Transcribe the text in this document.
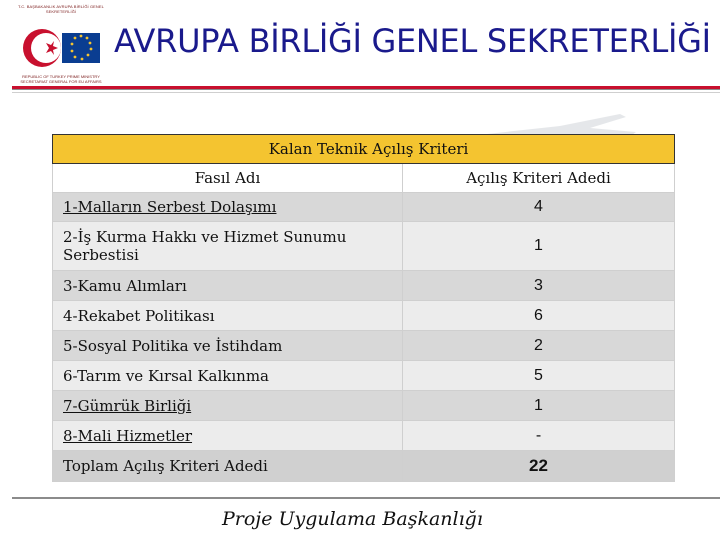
T.C. BAŞBAKANLIK AVRUPA BİRLİĞİ GENEL SEKRETERLİĞİ
REPUBLIC OF TURKEY PRIME MINISTRY SECRETARIAT GENERAL FOR EU AFFAIRS
AVRUPA BİRLİĞİ GENEL SEKRETERLİĞİ
Kalan Teknik Açılış Kriteri	
Fasıl Adı	Açılış Kriteri Adedi
1-Malların Serbest Dolaşımı	4
2-İş Kurma Hakkı ve Hizmet Sunumu Serbestisi	1
3-Kamu Alımları	3
4-Rekabet Politikası	6
5-Sosyal Politika ve İstihdam	2
6-Tarım ve Kırsal Kalkınma	5
7-Gümrük Birliği	1
8-Mali Hizmetler	-
Toplam Açılış Kriteri Adedi	22
Proje Uygulama Başkanlığı
